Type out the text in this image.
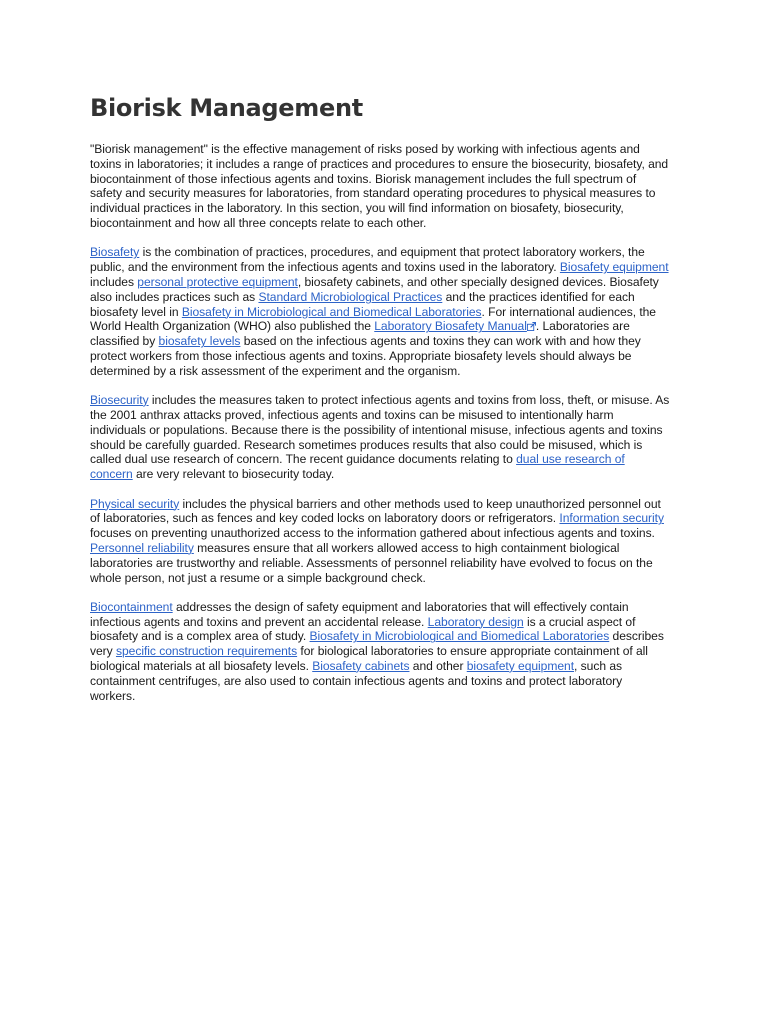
Biorisk Management

"Biorisk management" is the effective management of risks posed by working with infectious agents and toxins in laboratories; it includes a range of practices and procedures to ensure the biosecurity, biosafety, and biocontainment of those infectious agents and toxins. Biorisk management includes the full spectrum of safety and security measures for laboratories, from standard operating procedures to physical measures to individual practices in the laboratory. In this section, you will find information on biosafety, biosecurity, biocontainment and how all three concepts relate to each other.

Biosafety is the combination of practices, procedures, and equipment that protect laboratory workers, the public, and the environment from the infectious agents and toxins used in the laboratory. Biosafety equipment includes personal protective equipment, biosafety cabinets, and other specially designed devices. Biosafety also includes practices such as Standard Microbiological Practices and the practices identified for each biosafety level in Biosafety in Microbiological and Biomedical Laboratories. For international audiences, the World Health Organization (WHO) also published the Laboratory Biosafety Manual . Laboratories are classified by biosafety levels based on the infectious agents and toxins they can work with and how they protect workers from those infectious agents and toxins. Appropriate biosafety levels should always be determined by a risk assessment of the experiment and the organism.

Biosecurity includes the measures taken to protect infectious agents and toxins from loss, theft, or misuse. As the 2001 anthrax attacks proved, infectious agents and toxins can be misused to intentionally harm individuals or populations. Because there is the possibility of intentional misuse, infectious agents and toxins should be carefully guarded. Research sometimes produces results that also could be misused, which is called dual use research of concern. The recent guidance documents relating to dual use research of concern are very relevant to biosecurity today.

Physical security includes the physical barriers and other methods used to keep unauthorized personnel out of laboratories, such as fences and key coded locks on laboratory doors or refrigerators. Information security focuses on preventing unauthorized access to the information gathered about infectious agents and toxins. Personnel reliability measures ensure that all workers allowed access to high containment biological laboratories are trustworthy and reliable. Assessments of personnel reliability have evolved to focus on the whole person, not just a resume or a simple background check.

Biocontainment addresses the design of safety equipment and laboratories that will effectively contain infectious agents and toxins and prevent an accidental release. Laboratory design is a crucial aspect of biosafety and is a complex area of study. Biosafety in Microbiological and Biomedical Laboratories describes very specific construction requirements for biological laboratories to ensure appropriate containment of all biological materials at all biosafety levels. Biosafety cabinets and other biosafety equipment, such as containment centrifuges, are also used to contain infectious agents and toxins and protect laboratory workers.
